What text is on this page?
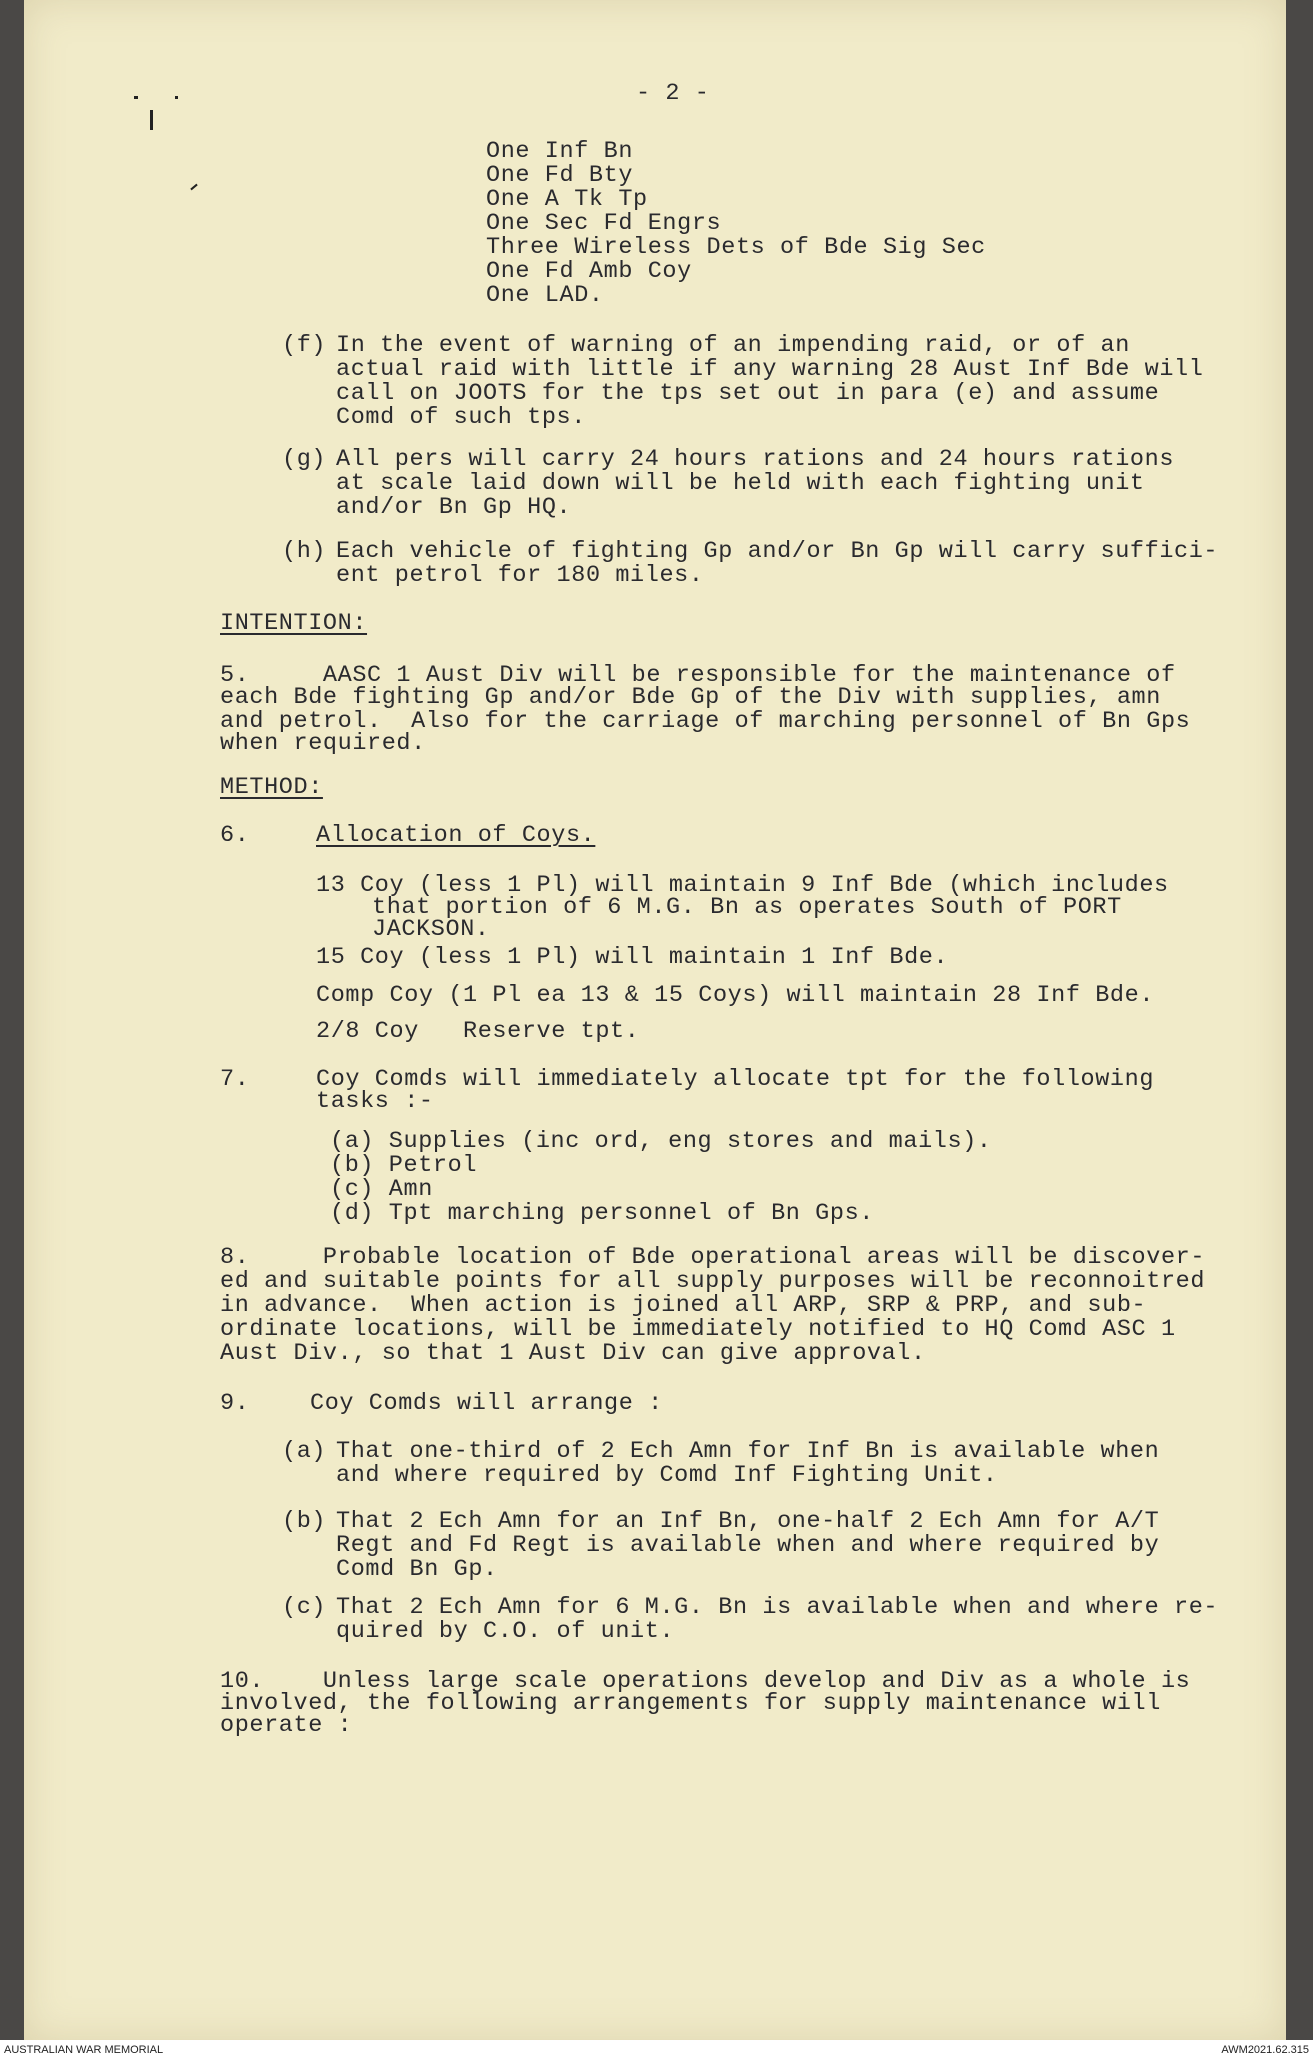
- 2 -
One Inf Bn
One Fd Bty
One A Tk Tp
One Sec Fd Engrs
Three Wireless Dets of Bde Sig Sec
One Fd Amb Coy
One LAD.
(f) In the event of warning of an impending raid, or of an
actual raid with little if any warning 28 Aust Inf Bde will
call on JOOTS for the tps set out in para (e) and assume
Comd of such tps.
(g) All pers will carry 24 hours rations and 24 hours rations
at scale laid down will be held with each fighting unit
and/or Bn Gp HQ.
(h) Each vehicle of fighting Gp and/or Bn Gp will carry suffici-
ent petrol for 180 miles.
INTENTION:
5.     AASC 1 Aust Div will be responsible for the maintenance of
each Bde fighting Gp and/or Bde Gp of the Div with supplies, amn
and petrol.  Also for the carriage of marching personnel of Bn Gps
when required.
METHOD:
6.	Allocation of Coys.
13 Coy (less 1 Pl) will maintain 9 Inf Bde (which includes
that portion of 6 M.G. Bn as operates South of PORT
JACKSON.
15 Coy (less 1 Pl) will maintain 1 Inf Bde.
Comp Coy (1 Pl ea 13 & 15 Coys) will maintain 28 Inf Bde.
2/8 Coy   Reserve tpt.
7.	Coy Comds will immediately allocate tpt for the following
tasks :-
(a) Supplies (inc ord, eng stores and mails).
(b) Petrol
(c) Amn
(d) Tpt marching personnel of Bn Gps.
8.     Probable location of Bde operational areas will be discover-
ed and suitable points for all supply purposes will be reconnoitred
in advance.  When action is joined all ARP, SRP & PRP, and sub-
ordinate locations, will be immediately notified to HQ Comd ASC 1
Aust Div., so that 1 Aust Div can give approval.
9.	Coy Comds will arrange :
(a) That one-third of 2 Ech Amn for Inf Bn is available when
and where required by Comd Inf Fighting Unit.
(b) That 2 Ech Amn for an Inf Bn, one-half 2 Ech Amn for A/T
Regt and Fd Regt is available when and where required by
Comd Bn Gp.
(c) That 2 Ech Amn for 6 M.G. Bn is available when and where re-
quired by C.O. of unit.
10.    Unless large scale operations develop and Div as a whole is
involved, the following arrangements for supply maintenance will
operate :
AUSTRALIAN WAR MEMORIAL	AWM2021.62.315
